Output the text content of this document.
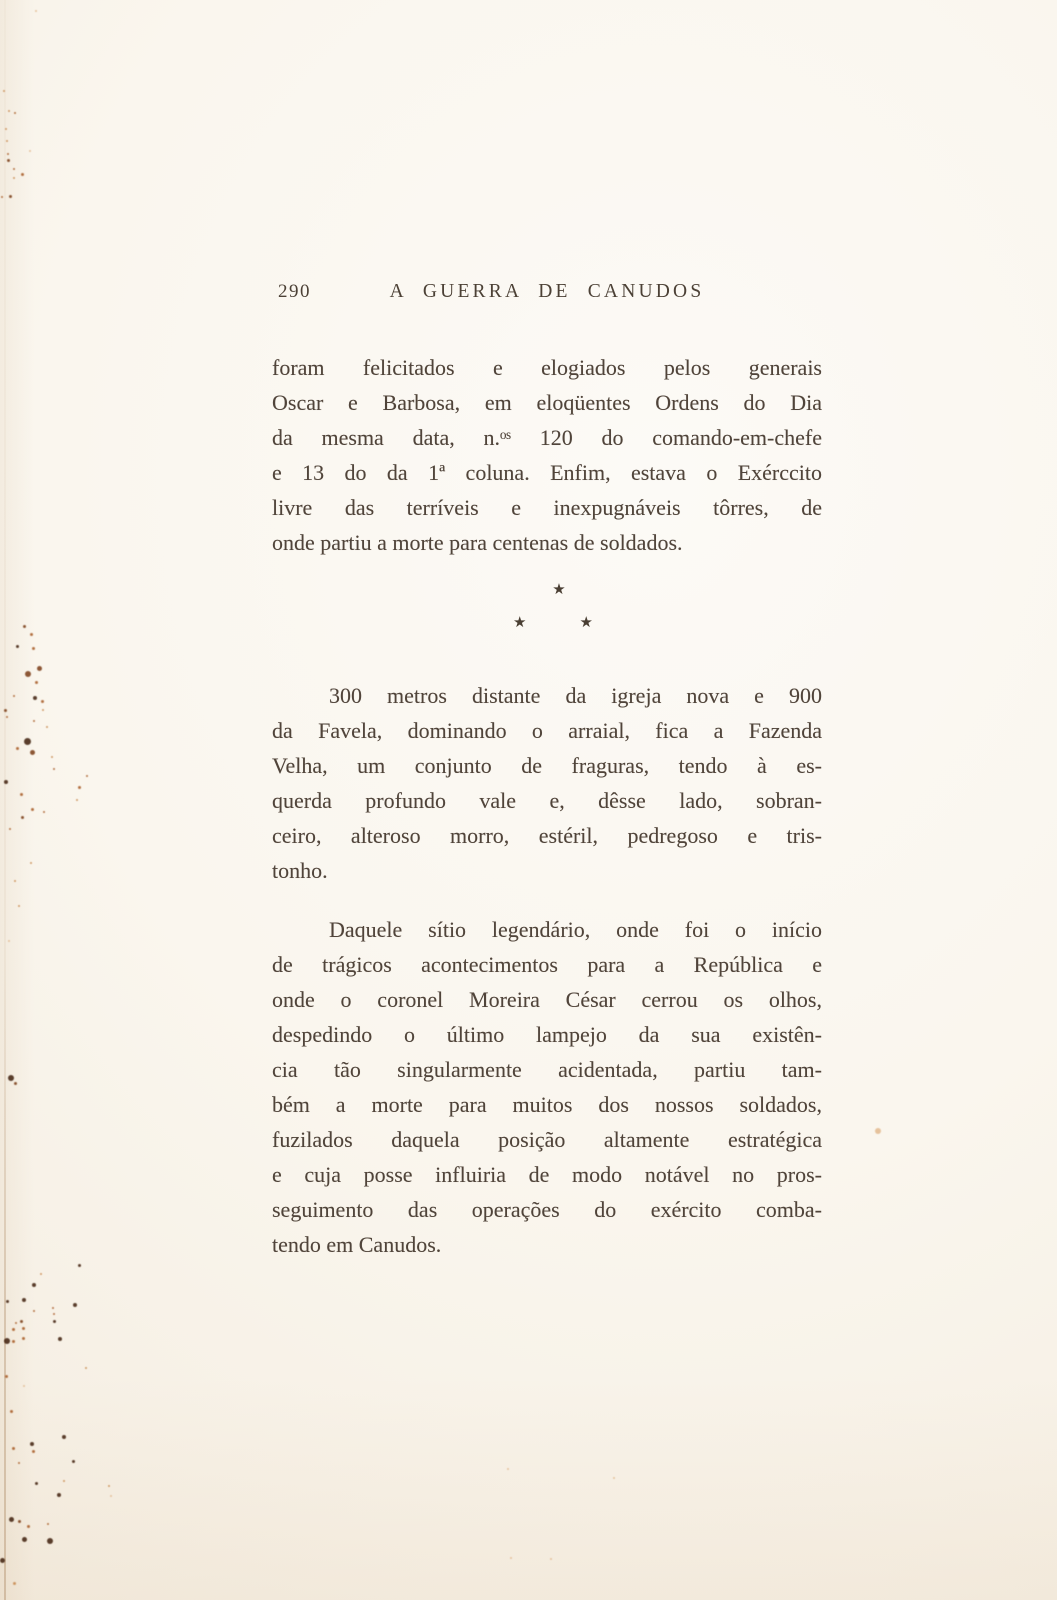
290	A GUERRA DE CANUDOS
foram felicitados e elogiados pelos generais
Oscar e Barbosa, em eloqüentes Ordens do Dia
da mesma data, n.ᵒˢ 120 do comando-em-chefe
e 13 do da 1ª coluna. Enfim, estava o Exérccito
livre das terríveis e inexpugnáveis tôrres, de
onde partiu a morte para centenas de soldados.
★
★	★
300 metros distante da igreja nova e 900
da Favela, dominando o arraial, fica a Fazenda
Velha, um conjunto de fraguras, tendo à es-
querda profundo vale e, dêsse lado, sobran-
ceiro, alteroso morro, estéril, pedregoso e tris-
tonho.
Daquele sítio legendário, onde foi o início
de trágicos acontecimentos para a República e
onde o coronel Moreira César cerrou os olhos,
despedindo o último lampejo da sua existên-
cia tão singularmente acidentada, partiu tam-
bém a morte para muitos dos nossos soldados,
fuzilados daquela posição altamente estratégica
e cuja posse influiria de modo notável no pros-
seguimento das operações do exército comba-
tendo em Canudos.
